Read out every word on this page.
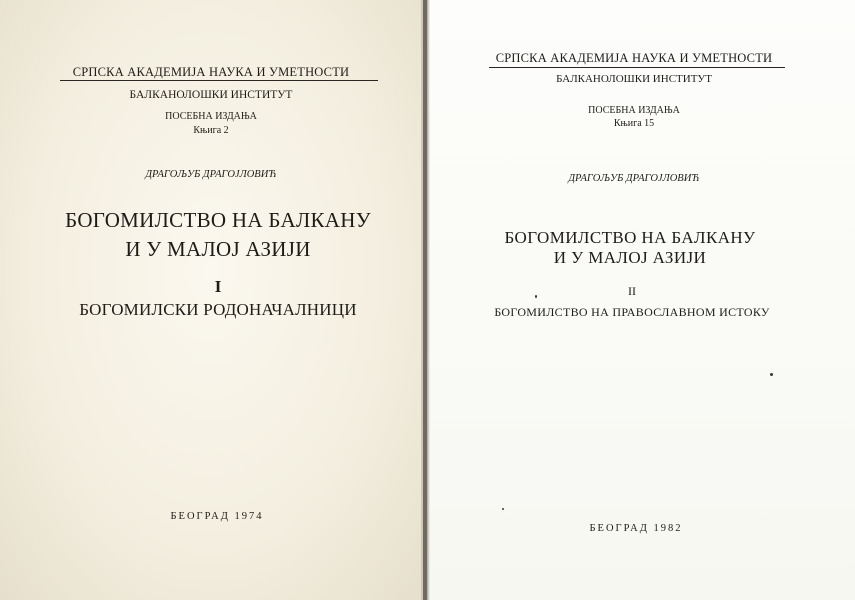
СРПСКА АКАДЕМИЈА НАУКА И УМЕТНОСТИ
БАЛКАНОЛОШКИ ИНСТИТУТ
ПОСЕБНА ИЗДАЊА
Књига 2
ДРАГОЉУБ ДРАГОЈЛОВИЋ
БОГОМИЛСТВО НА БАЛКАНУ
И У МАЛОЈ АЗИЈИ
I
БОГОМИЛСКИ РОДОНАЧАЛНИЦИ
БЕОГРАД 1974
СРПСКА АКАДЕМИЈА НАУКА И УМЕТНОСТИ
БАЛКАНОЛОШКИ ИНСТИТУТ
ПОСЕБНА ИЗДАЊА
Књига 15
ДРАГОЉУБ ДРАГОЈЛОВИЋ
БОГОМИЛСТВО НА БАЛКАНУ
И У МАЛОЈ АЗИЈИ
II
БОГОМИЛСТВО НА ПРАВОСЛАВНОМ ИСТОКУ
БЕОГРАД 1982
